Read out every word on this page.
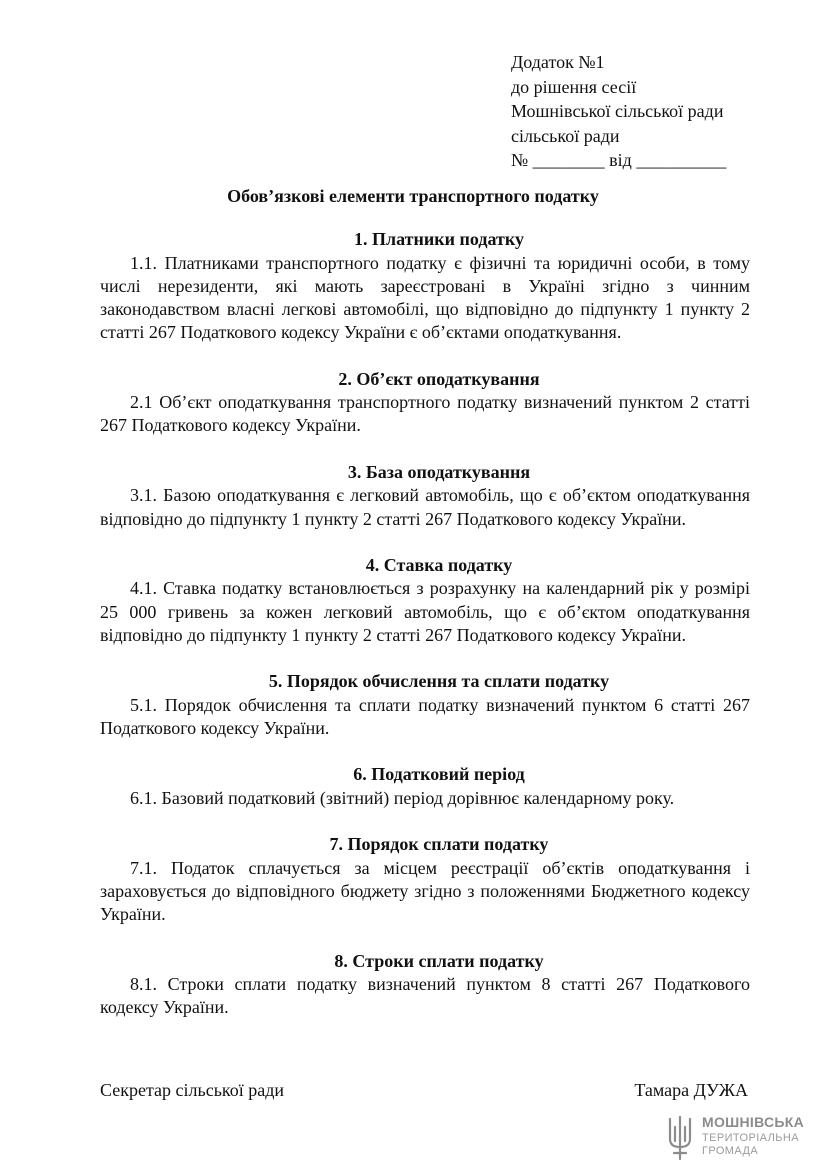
Додаток №1
до рішення сесії
Мошнівської сільської ради
сільської ради
№ ________ від __________
Обов’язкові елементи транспортного податку
1. Платники податку

1.1. Платниками транспортного податку є фізичні та юридичні особи, в тому числі нерезиденти, які мають зареєстровані в Україні згідно з чинним законодавством власні легкові автомобілі, що відповідно до підпункту 1 пункту 2 статті 267 Податкового кодексу України є об’єктами оподаткування.

2. Об’єкт оподаткування

2.1 Об’єкт оподаткування транспортного податку визначений пунктом 2 статті 267 Податкового кодексу України.

3. База оподаткування

3.1. Базою оподаткування є легковий автомобіль, що є об’єктом оподаткування відповідно до підпункту 1 пункту 2 статті 267 Податкового кодексу України.

4. Ставка податку

4.1. Ставка податку встановлюється з розрахунку на календарний рік у розмірі 25 000 гривень за кожен легковий автомобіль, що є об’єктом оподаткування відповідно до підпункту 1 пункту 2 статті 267 Податкового кодексу України.

5. Порядок обчислення та сплати податку

5.1. Порядок обчислення та сплати податку визначений пунктом 6 статті 267 Податкового кодексу України.

6. Податковий період

6.1. Базовий податковий (звітний) період дорівнює календарному року.

7. Порядок сплати податку

7.1. Податок сплачується за місцем реєстрації об’єктів оподаткування і зараховується до відповідного бюджету згідно з положеннями Бюджетного кодексу України.

8. Строки сплати податку

8.1. Строки сплати податку визначений пунктом 8 статті 267 Податкового кодексу України.

Секретар сільської ради	Тамара ДУЖА
МОШНІВСЬКА
ТЕРИТОРІАЛЬНА
ГРОМАДА
